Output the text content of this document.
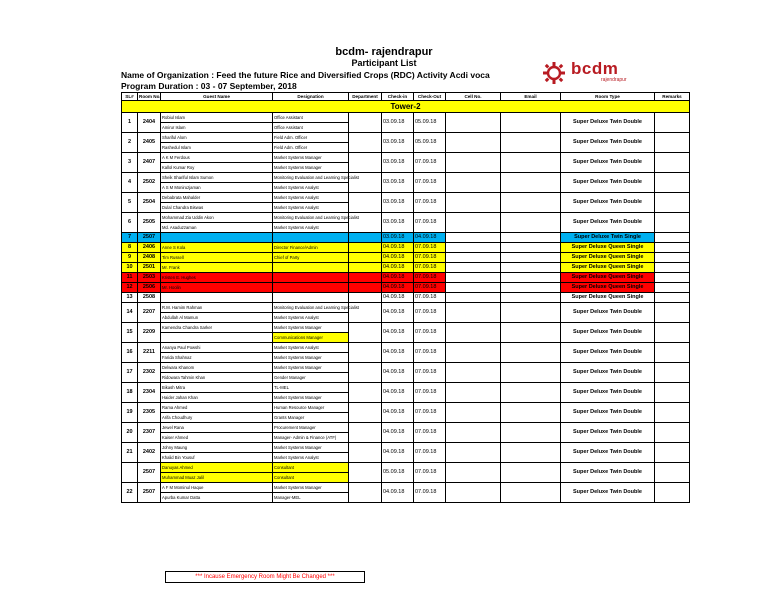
bcdm- rajendrapur
Participant List
Name of Organization : Feed the future Rice and Diversified Crops (RDC) Activity Acdi voca
Program Duration : 03 - 07 September, 2018
bcdm
rajendrapur
SL#	Room No.	Guest Name	Designation	Department	Check-in	Check-Out	Cell No.	Email	Room Type	Remarks
Tower-2										
1	2404	Robiul Islam	Office Assistant		03.09.18	05.09.18			Super Deluxe Twin Double	
		Amirur Islam	Office Assistant							
2	2405	Shariful Alom	Field Adm. Officer		03.09.18	05.09.18			Super Deluxe Twin Double	
		Rashedul Islam	Field Adm. Officer							
3	2407	A K M Ferdous	Market Systems Manager		03.09.18	07.09.18			Super Deluxe Twin Double	
		Kallol Kumar Roy	Market Systems Manager							
4	2502	Sheik Shariful Islam Sumon	Monitoring Evaluation and Learning Specialist		03.09.18	07.09.18			Super Deluxe Twin Double	
		A S M Moniruzjaman	Market Systems Analyst							
5	2504	Debabrata Mahalder	Market Systems Analyst		03.09.18	07.09.18			Super Deluxe Twin Double	
		Dulal Chandra Biswas	Market Systems Analyst							
6	2505	Mohammad Zia Uddin Akon	Monitoring Evaluation and Learning Specialist		03.09.18	07.09.18			Super Deluxe Twin Double	
		Md. Asaduzzaman	Market Systems Analyst							
7	2507				03.09.18	04.09.18			Super Deluxe Twin Single	
8	2406	Anne S Kola	Director Finance/Admin		04.09.18	07.09.18			Super Deluxe Queen Single	
9	2408	Tim Russell	Chief of Party		04.09.18	07.09.18			Super Deluxe Queen Single	
10	2501	Mr. Frank			04.09.18	07.09.18			Super Deluxe Queen Single	
11	2503	Kristen E. Hughes			04.09.18	07.09.18			Super Deluxe Queen Single	
12	2506	Mr. Hoolin			04.09.18	07.09.18			Super Deluxe Queen Single	
13	2508				04.09.18	07.09.18			Super Deluxe Queen Single	
14	2207	R.M. Hamim Rahman	Monitoring Evaluation and Learning Specialist		04.09.18	07.09.18			Super Deluxe Twin Double	
		Abdullah Al Mamun	Market Systems Analyst							
15	2209	Kamendra Chandra Sarker	Market Systems Manager		04.09.18	07.09.18			Super Deluxe Twin Double	
			Communications Manager							
16	2211	Ananya Paul Powshi	Market Systems Analyst		04.09.18	07.09.18			Super Deluxe Twin Double	
		Farida Shahnaz	Market Systems Manager							
17	2302	Delwara Khanom	Market Systems Manager		04.09.18	07.09.18			Super Deluxe Twin Double	
		Ridowara Tahmin Khan	Gender Manager							
18	2304	Bikash Mitra	TL-MEL		04.09.18	07.09.18			Super Deluxe Twin Double	
		Haider Jahan Khan	Market Systems Manager							
19	2305	Rama Ahmed	Human Resource Manager		04.09.18	07.09.18			Super Deluxe Twin Double	
		Arifa Choudhury	Grants Manager							
20	2307	Jewel Rana	Procurement Manager		04.09.18	07.09.18			Super Deluxe Twin Double	
		Kaiser Ahmed	Manager- Admin & Finance (ATF)							
21	2402	Johny Maung	Market Systems Manager		04.09.18	07.09.18			Super Deluxe Twin Double	
		Khalid Bin Yousuf	Market Systems Analyst							
	2507	Danuyas Ahmed	Consultant		05.09.18	07.09.18			Super Deluxe Twin Double	
		Muhammad Muaz Jalil	Consultant							
22	2507	A F M Mominul Haque	Market Systems Manager		04.09.18	07.09.18			Super Deluxe Twin Double	
		Apurba Kumar Datta	Manager-MEL							
*** Incause Emergency Room Might Be Changed ***
